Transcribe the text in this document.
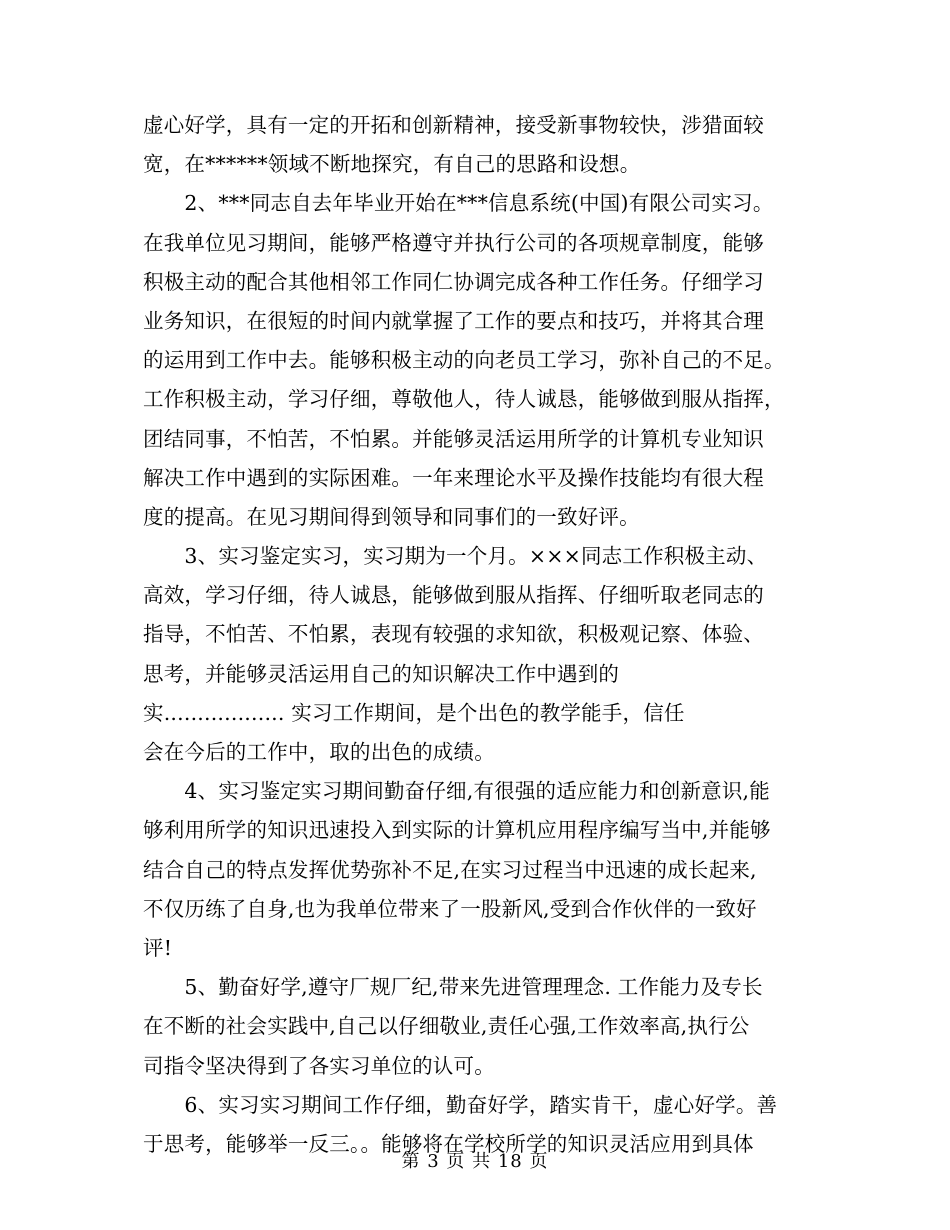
虚心好学，具有一定的开拓和创新精神，接受新事物较快，涉猎面较
宽，在******领域不断地探究，有自己的思路和设想。
　　2、***同志自去年毕业开始在***信息系统(中国)有限公司实习。
在我单位见习期间，能够严格遵守并执行公司的各项规章制度，能够
积极主动的配合其他相邻工作同仁协调完成各种工作任务。仔细学习
业务知识，在很短的时间内就掌握了工作的要点和技巧，并将其合理
的运用到工作中去。能够积极主动的向老员工学习，弥补自己的不足。
工作积极主动，学习仔细，尊敬他人，待人诚恳，能够做到服从指挥，
团结同事，不怕苦，不怕累。并能够灵活运用所学的计算机专业知识
解决工作中遇到的实际困难。一年来理论水平及操作技能均有很大程
度的提高。在见习期间得到领导和同事们的一致好评。
　　3、实习鉴定实习，实习期为一个月。×××同志工作积极主动、
高效，学习仔细，待人诚恳，能够做到服从指挥、仔细听取老同志的
指导，不怕苦、不怕累，表现有较强的求知欲，积极观记察、体验、
思考，并能够灵活运用自己的知识解决工作中遇到的
实.................. 实习工作期间，是个出色的教学能手，信任
会在今后的工作中，取的出色的成绩。
　　4、实习鉴定实习期间勤奋仔细,有很强的适应能力和创新意识,能
够利用所学的知识迅速投入到实际的计算机应用程序编写当中,并能够
结合自己的特点发挥优势弥补不足,在实习过程当中迅速的成长起来,
不仅历练了自身,也为我单位带来了一股新风,受到合作伙伴的一致好
评!
　　5、勤奋好学,遵守厂规厂纪,带来先进管理理念. 工作能力及专长
在不断的社会实践中,自己以仔细敬业,责任心强,工作效率高,执行公
司指令坚决得到了各实习单位的认可。
　　6、实习实习期间工作仔细，勤奋好学，踏实肯干，虚心好学。善
于思考，能够举一反三。。能够将在学校所学的知识灵活应用到具体
第 3 页 共 18 页
